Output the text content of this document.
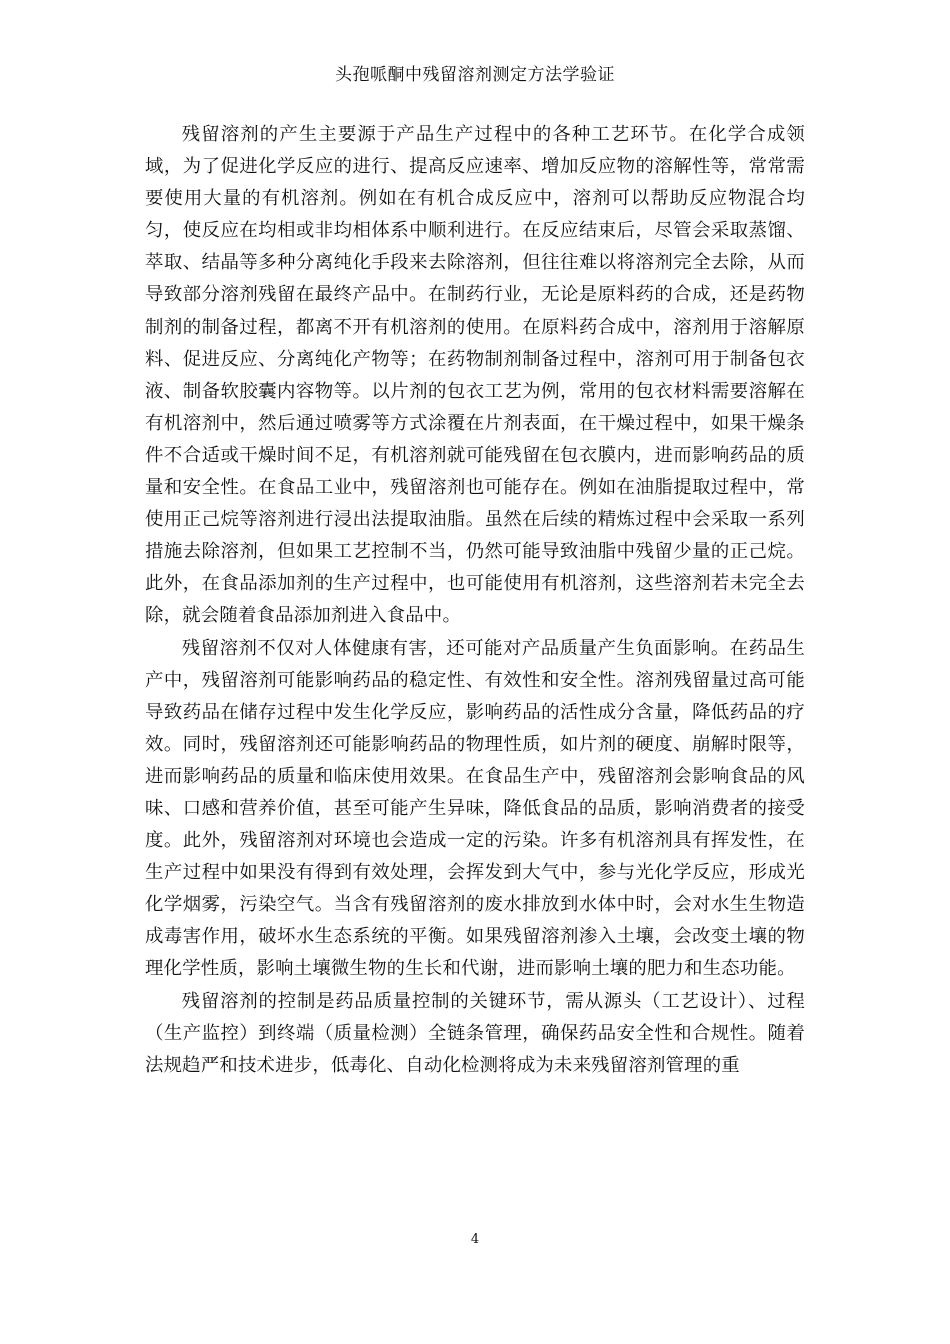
头孢哌酮中残留溶剂测定方法学验证

残留溶剂的产生主要源于产品生产过程中的各种工艺环节。在化学合成领域，为了促进化学反应的进行、提高反应速率、增加反应物的溶解性等，常常需要使用大量的有机溶剂。例如在有机合成反应中，溶剂可以帮助反应物混合均匀，使反应在均相或非均相体系中顺利进行。在反应结束后，尽管会采取蒸馏、萃取、结晶等多种分离纯化手段来去除溶剂，但往往难以将溶剂完全去除，从而导致部分溶剂残留在最终产品中。在制药行业，无论是原料药的合成，还是药物制剂的制备过程，都离不开有机溶剂的使用。在原料药合成中，溶剂用于溶解原料、促进反应、分离纯化产物等；在药物制剂制备过程中，溶剂可用于制备包衣液、制备软胶囊内容物等。以片剂的包衣工艺为例，常用的包衣材料需要溶解在有机溶剂中，然后通过喷雾等方式涂覆在片剂表面，在干燥过程中，如果干燥条件不合适或干燥时间不足，有机溶剂就可能残留在包衣膜内，进而影响药品的质量和安全性。在食品工业中，残留溶剂也可能存在。例如在油脂提取过程中，常使用正己烷等溶剂进行浸出法提取油脂。虽然在后续的精炼过程中会采取一系列措施去除溶剂，但如果工艺控制不当，仍然可能导致油脂中残留少量的正己烷。此外，在食品添加剂的生产过程中，也可能使用有机溶剂，这些溶剂若未完全去除，就会随着食品添加剂进入食品中。

残留溶剂不仅对人体健康有害，还可能对产品质量产生负面影响。在药品生产中，残留溶剂可能影响药品的稳定性、有效性和安全性。溶剂残留量过高可能导致药品在储存过程中发生化学反应，影响药品的活性成分含量，降低药品的疗效。同时，残留溶剂还可能影响药品的物理性质，如片剂的硬度、崩解时限等，进而影响药品的质量和临床使用效果。在食品生产中，残留溶剂会影响食品的风味、口感和营养价值，甚至可能产生异味，降低食品的品质，影响消费者的接受度。此外，残留溶剂对环境也会造成一定的污染。许多有机溶剂具有挥发性，在生产过程中如果没有得到有效处理，会挥发到大气中，参与光化学反应，形成光化学烟雾，污染空气。当含有残留溶剂的废水排放到水体中时，会对水生生物造成毒害作用，破坏水生态系统的平衡。如果残留溶剂渗入土壤，会改变土壤的物理化学性质，影响土壤微生物的生长和代谢，进而影响土壤的肥力和生态功能。

残留溶剂的控制是药品质量控制的关键环节，需从源头（工艺设计）、过程（生产监控）到终端（质量检测）全链条管理，确保药品安全性和合规性。随着法规趋严和技术进步，低毒化、自动化检测将成为未来残留溶剂管理的重

4
